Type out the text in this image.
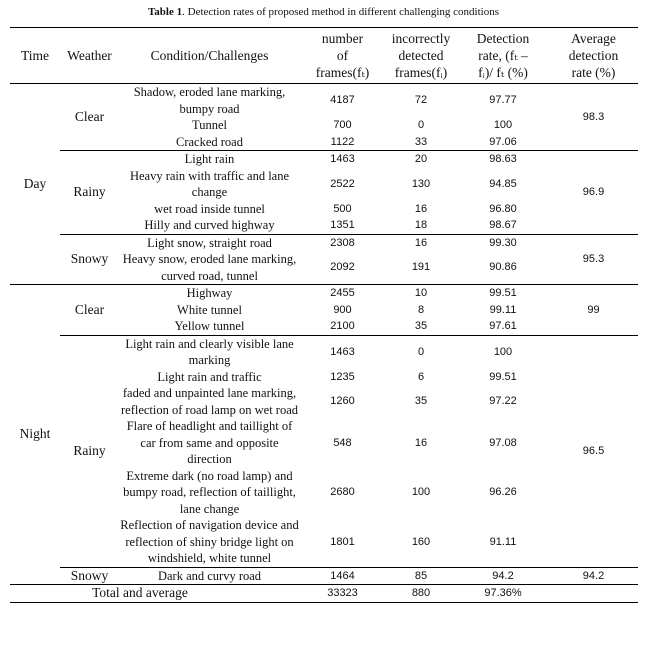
Table 1. Detection rates of proposed method in different challenging conditions
Time	Weather	Condition/Challenges	number
of
frames(fₜ)	incorrectly
detected
frames(fᵢ)	Detection
rate, (fₜ –
fᵢ)/ fₜ (%)	Average
detection
rate (%)
Day	Clear	Shadow, eroded lane marking, bumpy road	4187	72	97.77	98.3
		Tunnel	700	0	100	
		Cracked road	1122	33	97.06	
	Rainy	Light rain	1463	20	98.63	96.9
		Heavy rain with traffic and lane change	2522	130	94.85	
		wet road inside tunnel	500	16	96.80	
		Hilly and curved highway	1351	18	98.67	
	Snowy	Light snow, straight road	2308	16	99.30	95.3
		Heavy snow, eroded lane marking, curved road, tunnel	2092	191	90.86	
Night	Clear	Highway	2455	10	99.51	99
		White tunnel	900	8	99.11	
		Yellow tunnel	2100	35	97.61	
	Rainy	Light rain and clearly visible lane marking	1463	0	100	96.5
		Light rain and traffic	1235	6	99.51	
		faded and unpainted lane marking, reflection of road lamp on wet road	1260	35	97.22	
		Flare of headlight and taillight of car from same and opposite direction	548	16	97.08	
		Extreme dark (no road lamp) and bumpy road, reflection of taillight, lane change	2680	100	96.26	
		Reflection of navigation device and reflection of shiny bridge light on windshield, white tunnel	1801	160	91.11	
	Snowy	Dark and curvy road	1464	85	94.2	94.2
Total and average			33323	880	97.36%	
